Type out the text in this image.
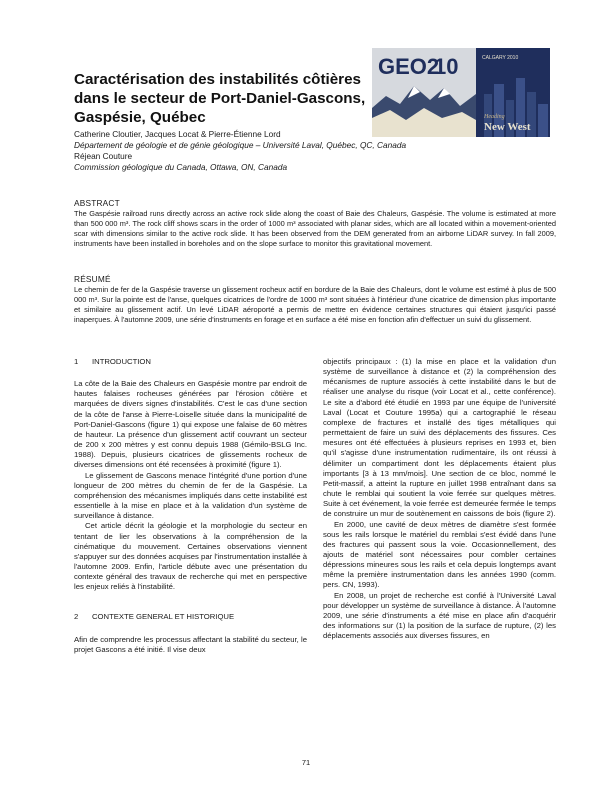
Caractérisation des instabilités côtières dans le secteur de Port-Daniel-Gascons, Gaspésie, Québec
GEO2
10	CALGARY 2010
Heading
New West
Catherine Cloutier, Jacques Locat & Pierre-Étienne Lord
Département de géologie et de génie géologique – Université Laval, Québec, QC, Canada
Réjean Couture
Commission géologique du Canada, Ottawa, ON, Canada
ABSTRACT

The Gaspésie railroad runs directly across an active rock slide along the coast of Baie des Chaleurs, Gaspésie. The volume is estimated at more than 500 000 m³. The rock cliff shows scars in the order of 1000 m³ associated with planar sides, which are all located within a movement-oriented scar with dimensions similar to the active rock slide. It has been observed from the DEM generated from an airborne LiDAR survey. In fall 2009, instruments have been installed in boreholes and on the slope surface to monitor this gravitational movement.

RÉSUMÉ

Le chemin de fer de la Gaspésie traverse un glissement rocheux actif en bordure de la Baie des Chaleurs, dont le volume est estimé à plus de 500 000 m³. Sur la pointe est de l'anse, quelques cicatrices de l'ordre de 1000 m³ sont situées à l'intérieur d'une cicatrice de dimension plus importante et similaire au glissement actif. Un levé LiDAR aéroporté a permis de mettre en évidence certaines structures qui étaient jusqu'ici passé inaperçues. À l'automne 2009, une série d'instruments en forage et en surface a été mise en fonction afin d'effectuer un suivi du glissement.

1 INTRODUCTION

La côte de la Baie des Chaleurs en Gaspésie montre par endroit de hautes falaises rocheuses générées par l'érosion côtière et marquées de divers signes d'instabilités. C'est le cas d'une section de la côte de l'anse à Pierre-Loiselle située dans la municipalité de Port-Daniel-Gascons (figure 1) qui expose une falaise de 60 mètres de hauteur. La présence d'un glissement actif couvrant un secteur de 200 x 200 mètres y est connu depuis 1988 (Gémilo-BSLG Inc. 1988). Depuis, plusieurs cicatrices de glissements rocheux de diverses dimensions ont été recensées à proximité (figure 1).

Le glissement de Gascons menace l'intégrité d'une portion d'une longueur de 200 mètres du chemin de fer de la Gaspésie. La compréhension des mécanismes impliqués dans cette instabilité est essentielle à la mise en place et à la validation d'un système de surveillance à distance.

Cet article décrit la géologie et la morphologie du secteur en tentant de lier les observations à la compréhension de la cinématique du mouvement. Certaines observations viennent s'appuyer sur des données acquises par l'instrumentation installée à l'automne 2009. Enfin, l'article débute avec une présentation du contexte général des travaux de recherche qui met en perspective les enjeux reliés à l'instabilité.

2 CONTEXTE GENERAL ET HISTORIQUE

Afin de comprendre les processus affectant la stabilité du secteur, le projet Gascons a été initié. Il vise deux

objectifs principaux : (1) la mise en place et la validation d'un système de surveillance à distance et (2) la compréhension des mécanismes de rupture associés à cette instabilité dans le but de réaliser une analyse du risque (voir Locat et al., cette conférence). Le site a d'abord été étudié en 1993 par une équipe de l'université Laval (Locat et Couture 1995a) qui a cartographié le réseau complexe de fractures et installé des tiges métalliques qui permettaient de faire un suivi des déplacements des fissures. Ces mesures ont été effectuées à plusieurs reprises en 1993 et, bien qu'il s'agisse d'une instrumentation rudimentaire, ils ont réussi à délimiter un compartiment dont les déplacements étaient plus importants [3 à 13 mm/mois]. Une section de ce bloc, nommé le Petit-massif, a atteint la rupture en juillet 1998 entraînant dans sa chute le remblai qui soutient la voie ferrée sur quelques mètres. Suite à cet événement, la voie ferrée est demeurée fermée le temps de construire un mur de soutènement en caissons de bois (figure 2).

En 2000, une cavité de deux mètres de diamètre s'est formée sous les rails lorsque le matériel du remblai s'est évidé dans l'une des fractures qui passent sous la voie. Occasionnellement, des ajouts de matériel sont nécessaires pour combler certaines dépressions mineures sous les rails et cela depuis longtemps avant même la première instrumentation dans les années 1990 (comm. pers. CN, 1993).

En 2008, un projet de recherche est confié à l'Université Laval pour développer un système de surveillance à distance. À l'automne 2009, une série d'instruments a été mise en place afin d'acquérir des informations sur (1) la position de la surface de rupture, (2) les déplacements associés aux diverses fissures, en

71
